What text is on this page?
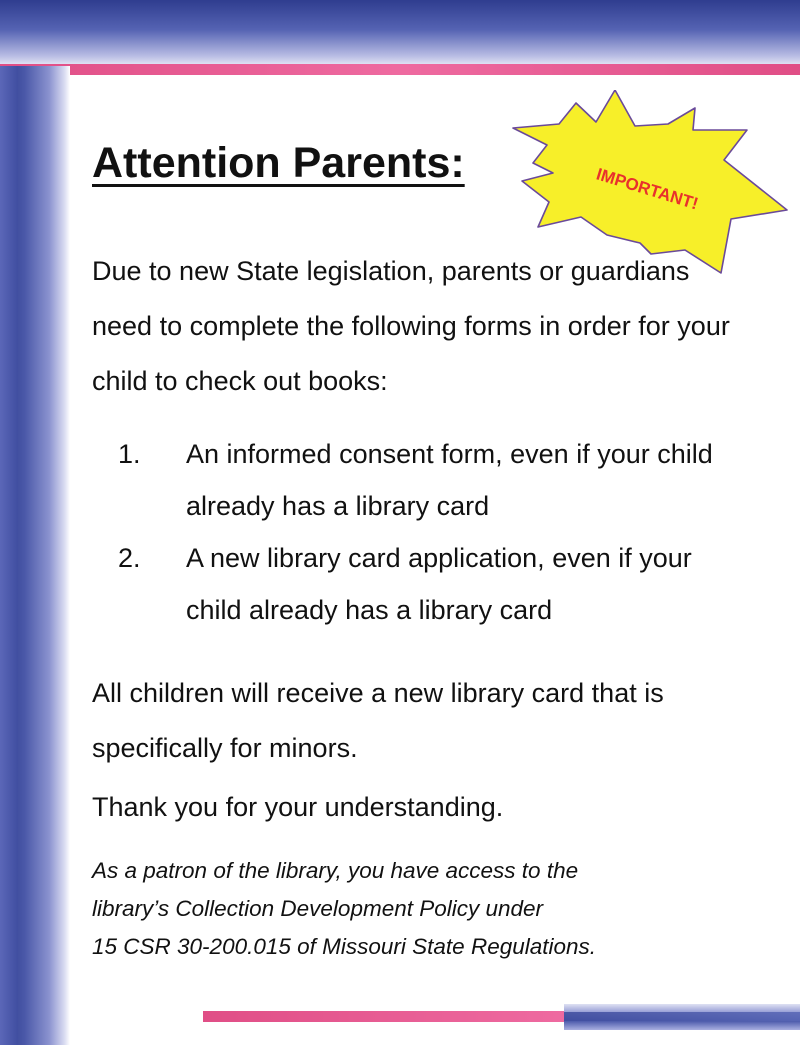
Attention Parents:
IMPORTANT!

Due to new State legislation, parents or guardians need to complete the following forms in order for your child to check out books:

1.	An informed consent form, even if your child already has a library card
2.	A new library card application, even if your child already has a library card

All children will receive a new library card that is specifically for minors.

Thank you for your understanding.

As a patron of the library, you have access to the
library’s Collection Development Policy under
15 CSR 30-200.015 of Missouri State Regulations.
